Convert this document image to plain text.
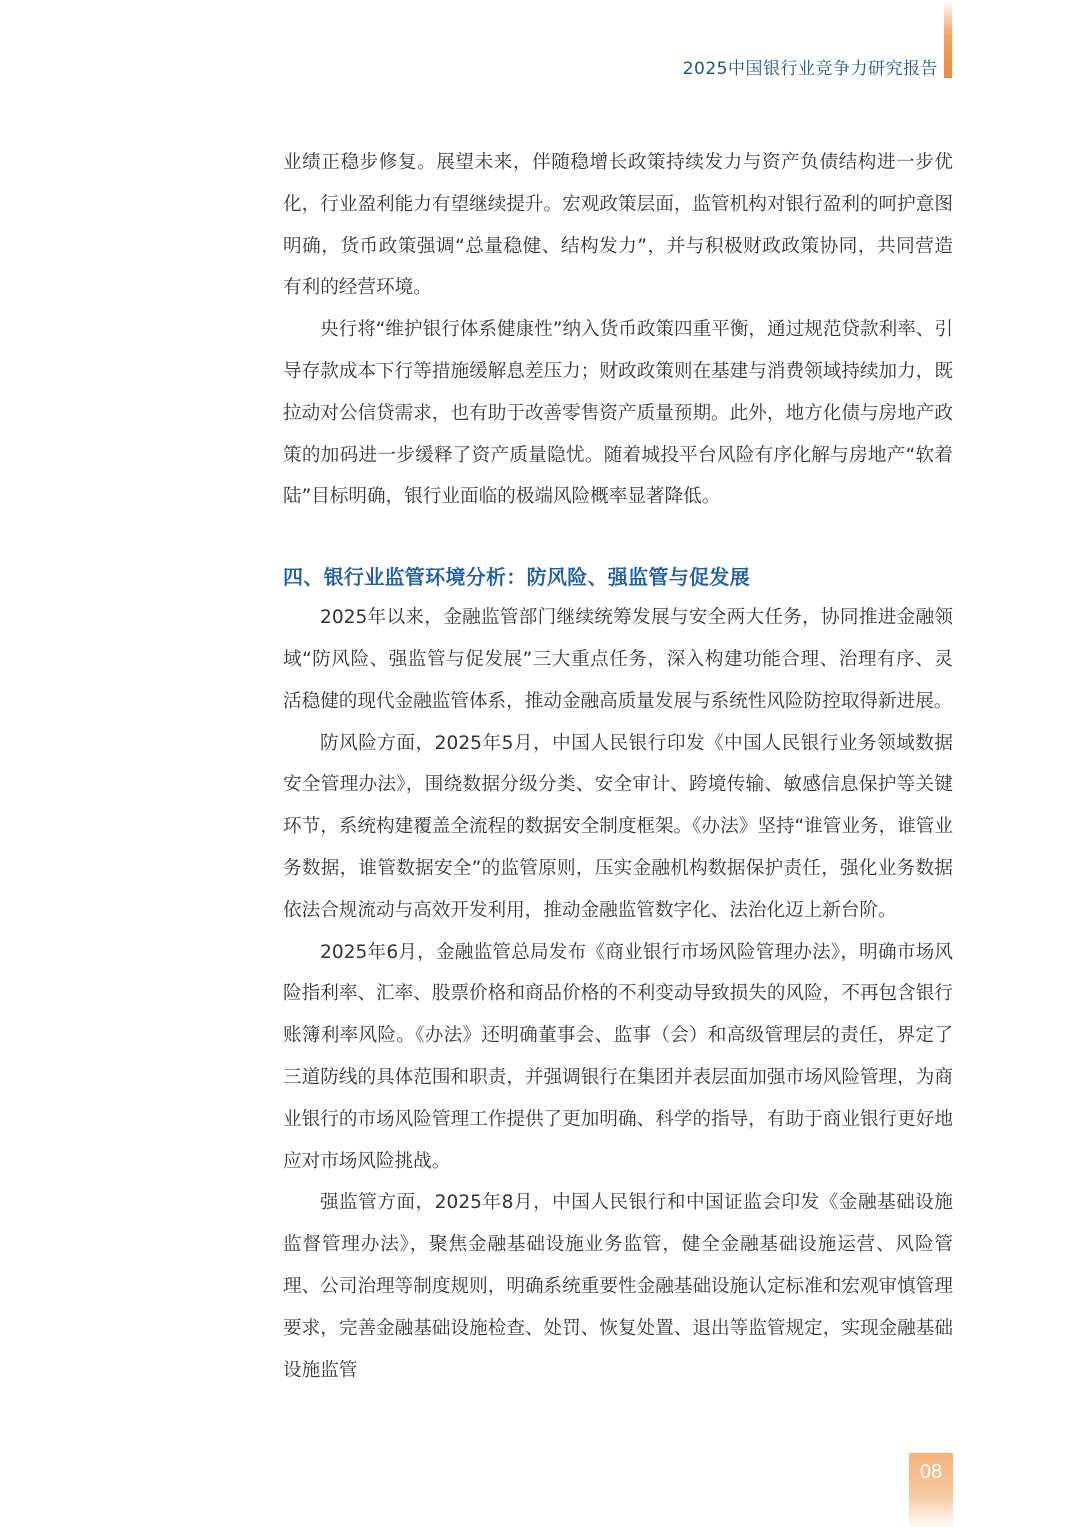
2025中国银行业竞争力研究报告

业绩正稳步修复。展望未来，伴随稳增长政策持续发力与资产负债结构进一步优化，行业盈利能力有望继续提升。宏观政策层面，监管机构对银行盈利的呵护意图明确，货币政策强调“总量稳健、结构发力”，并与积极财政政策协同，共同营造有利的经营环境。

央行将“维护银行体系健康性”纳入货币政策四重平衡，通过规范贷款利率、引导存款成本下行等措施缓解息差压力；财政政策则在基建与消费领域持续加力，既拉动对公信贷需求，也有助于改善零售资产质量预期。此外，地方化债与房地产政策的加码进一步缓释了资产质量隐忧。随着城投平台风险有序化解与房地产“软着陆”目标明确，银行业面临的极端风险概率显著降低。

四、银行业监管环境分析：防风险、强监管与促发展

2025年以来，金融监管部门继续统筹发展与安全两大任务，协同推进金融领域“防风险、强监管与促发展”三大重点任务，深入构建功能合理、治理有序、灵活稳健的现代金融监管体系，推动金融高质量发展与系统性风险防控取得新进展。

防风险方面，2025年5月，中国人民银行印发《中国人民银行业务领域数据安全管理办法》，围绕数据分级分类、安全审计、跨境传输、敏感信息保护等关键环节，系统构建覆盖全流程的数据安全制度框架。《办法》坚持“谁管业务，谁管业务数据，谁管数据安全”的监管原则，压实金融机构数据保护责任，强化业务数据依法合规流动与高效开发利用，推动金融监管数字化、法治化迈上新台阶。

2025年6月，金融监管总局发布《商业银行市场风险管理办法》，明确市场风险指利率、汇率、股票价格和商品价格的不利变动导致损失的风险，不再包含银行账簿利率风险。《办法》还明确董事会、监事（会）和高级管理层的责任，界定了三道防线的具体范围和职责，并强调银行在集团并表层面加强市场风险管理，为商业银行的市场风险管理工作提供了更加明确、科学的指导，有助于商业银行更好地应对市场风险挑战。

强监管方面，2025年8月，中国人民银行和中国证监会印发《金融基础设施监督管理办法》，聚焦金融基础设施业务监管，健全金融基础设施运营、风险管理、公司治理等制度规则，明确系统重要性金融基础设施认定标准和宏观审慎管理要求，完善金融基础设施检查、处罚、恢复处置、退出等监管规定，实现金融基础设施监管

08
